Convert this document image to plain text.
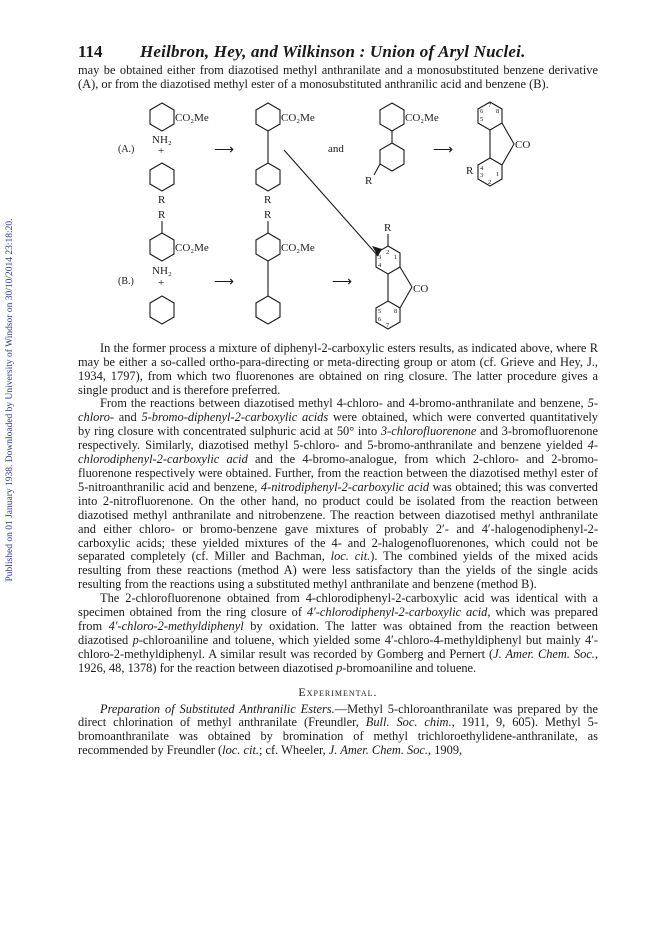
Published on 01 January 1938. Downloaded by University of Windsor on 30/10/2014 23:18:20.
114 Heilbron, Hey, and Wilkinson : Union of Aryl Nuclei.

may be obtained either from diazotised methyl anthranilate and a monosubstituted benzene derivative (A), or from the diazotised methyl ester of a monosubstituted anthranilic acid and benzene (B).

(A.)
CO₂Me
NH₂
+
R
⟶
CO₂Me
R
and
CO₂Me
R
⟶	CO
R
6
7
8
5
4
3
2
1
R	R
R
(B.)
CO₂Me
NH₂
+	⟶
CO₂Me
⟶	CO
2
3
4
1
5
6
7
8

In the former process a mixture of diphenyl-2-carboxylic esters results, as indicated above, where R may be either a so-called ortho-para-directing or meta-directing group or atom (cf. Grieve and Hey, J., 1934, 1797), from which two fluorenones are obtained on ring closure. The latter procedure gives a single product and is therefore preferred.

From the reactions between diazotised methyl 4-chloro- and 4-bromo-anthranilate and benzene, 5-chloro- and 5-bromo-diphenyl-2-carboxylic acids were obtained, which were converted quantitatively by ring closure with concentrated sulphuric acid at 50° into 3-chlorofluorenone and 3-bromofluorenone respectively. Similarly, diazotised methyl 5-chloro- and 5-bromo-anthranilate and benzene yielded 4-chlorodiphenyl-2-carboxylic acid and the 4-bromo-analogue, from which 2-chloro- and 2-bromo-fluorenone respectively were obtained. Further, from the reaction between the diazotised methyl ester of 5-nitroanthranilic acid and benzene, 4-nitrodiphenyl-2-carboxylic acid was obtained; this was converted into 2-nitrofluorenone. On the other hand, no product could be isolated from the reaction between diazotised methyl anthranilate and nitrobenzene. The reaction between diazotised methyl anthranilate and either chloro- or bromo-benzene gave mixtures of probably 2′- and 4′-halogenodiphenyl-2-carboxylic acids; these yielded mixtures of the 4- and 2-halogenofluorenones, which could not be separated completely (cf. Miller and Bachman, loc. cit.). The combined yields of the mixed acids resulting from these reactions (method A) were less satisfactory than the yields of the single acids resulting from the reactions using a substituted methyl anthranilate and benzene (method B).

The 2-chlorofluorenone obtained from 4-chlorodiphenyl-2-carboxylic acid was identical with a specimen obtained from the ring closure of 4′-chlorodiphenyl-2-carboxylic acid, which was prepared from 4′-chloro-2-methyldiphenyl by oxidation. The latter was obtained from the reaction between diazotised p-chloroaniline and toluene, which yielded some 4′-chloro-4-methyldiphenyl but mainly 4′-chloro-2-methyldiphenyl. A similar result was recorded by Gomberg and Pernert (J. Amer. Chem. Soc., 1926, 48, 1378) for the reaction between diazotised p-bromoaniline and toluene.

Experimental.

Preparation of Substituted Anthranilic Esters.—Methyl 5-chloroanthranilate was prepared by the direct chlorination of methyl anthranilate (Freundler, Bull. Soc. chim., 1911, 9, 605). Methyl 5-bromoanthranilate was obtained by bromination of methyl trichloroethylidene-anthranilate, as recommended by Freundler (loc. cit.; cf. Wheeler, J. Amer. Chem. Soc., 1909,
